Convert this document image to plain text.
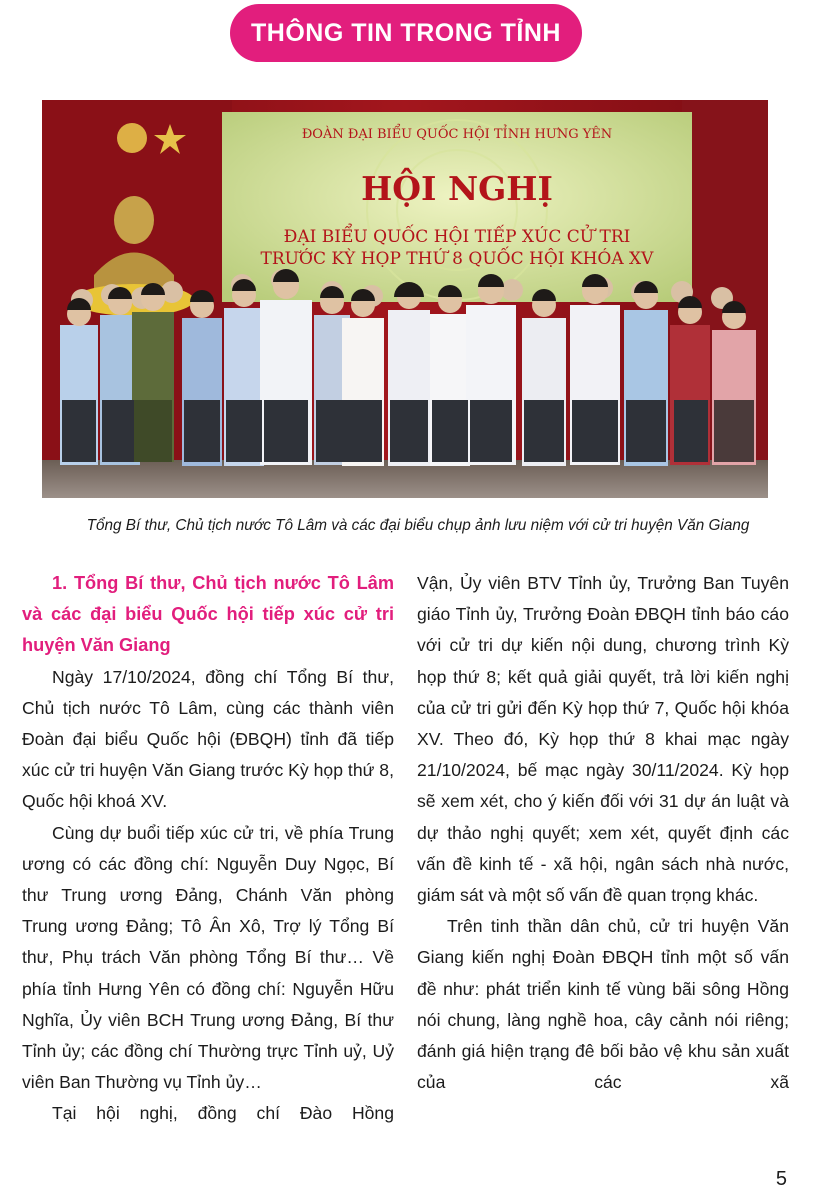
THÔNG TIN TRONG TỈNH
ĐOÀN ĐẠI BIỂU QUỐC HỘI TỈNH HƯNG YÊN
HỘI NGHỊ
ĐẠI BIỂU QUỐC HỘI TIẾP XÚC CỬ TRI
TRƯỚC KỲ HỌP THỨ 8 QUỐC HỘI KHÓA XV
Tổng Bí thư, Chủ tịch nước Tô Lâm và các đại biểu chụp ảnh lưu niệm với cử tri huyện Văn Giang

1. Tổng Bí thư, Chủ tịch nước Tô Lâm và các đại biểu Quốc hội tiếp xúc cử tri huyện Văn Giang

Ngày 17/10/2024, đồng chí Tổng Bí thư, Chủ tịch nước Tô Lâm, cùng các thành viên Đoàn đại biểu Quốc hội (ĐBQH) tỉnh đã tiếp xúc cử tri huyện Văn Giang trước Kỳ họp thứ 8, Quốc hội khoá XV.

Cùng dự buổi tiếp xúc cử tri, về phía Trung ương có các đồng chí: Nguyễn Duy Ngọc, Bí thư Trung ương Đảng, Chánh Văn phòng Trung ương Đảng; Tô Ân Xô, Trợ lý Tổng Bí thư, Phụ trách Văn phòng Tổng Bí thư… Về phía tỉnh Hưng Yên có đồng chí: Nguyễn Hữu Nghĩa, Ủy viên BCH Trung ương Đảng, Bí thư Tỉnh ủy; các đồng chí Thường trực Tỉnh uỷ, Uỷ viên Ban Thường vụ Tỉnh ủy…

Tại hội nghị, đồng chí Đào Hồng

Vận, Ủy viên BTV Tỉnh ủy, Trưởng Ban Tuyên giáo Tỉnh ủy, Trưởng Đoàn ĐBQH tỉnh báo cáo với cử tri dự kiến nội dung, chương trình Kỳ họp thứ 8; kết quả giải quyết, trả lời kiến nghị của cử tri gửi đến Kỳ họp thứ 7, Quốc hội khóa XV. Theo đó, Kỳ họp thứ 8 khai mạc ngày 21/10/2024, bế mạc ngày 30/11/2024. Kỳ họp sẽ xem xét, cho ý kiến đối với 31 dự án luật và dự thảo nghị quyết; xem xét, quyết định các vấn đề kinh tế - xã hội, ngân sách nhà nước, giám sát và một số vấn đề quan trọng khác.

Trên tinh thần dân chủ, cử tri huyện Văn Giang kiến nghị Đoàn ĐBQH tỉnh một số vấn đề như: phát triển kinh tế vùng bãi sông Hồng nói chung, làng nghề hoa, cây cảnh nói riêng; đánh giá hiện trạng đê bối bảo vệ khu sản xuất của các xã

5
